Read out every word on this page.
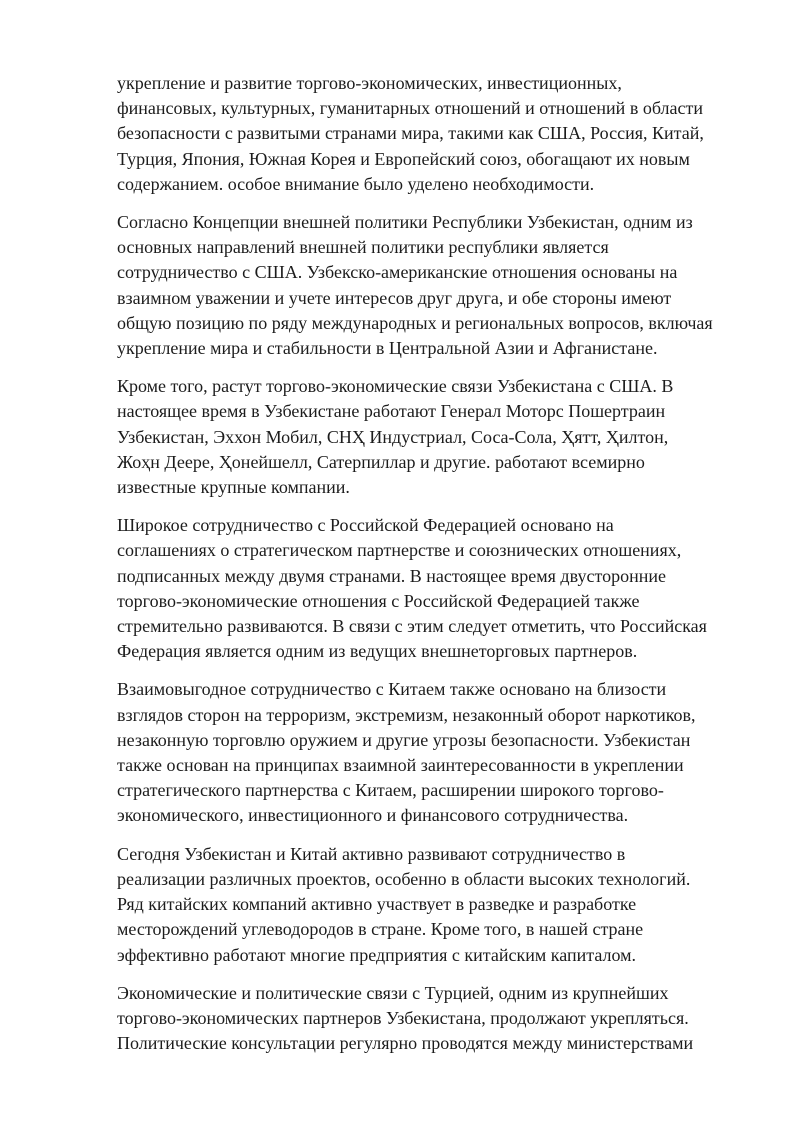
укрепление и развитие торгово-экономических, инвестиционных,
финансовых, культурных, гуманитарных отношений и отношений в области
безопасности с развитыми странами мира, такими как США, Россия, Китай,
Турция, Япония, Южная Корея и Европейский союз, обогащают их новым
содержанием. особое внимание было уделено необходимости.

Согласно Концепции внешней политики Республики Узбекистан, одним из
основных направлений внешней политики республики является
сотрудничество с США. Узбекско-американские отношения основаны на
взаимном уважении и учете интересов друг друга, и обе стороны имеют
общую позицию по ряду международных и региональных вопросов, включая
укрепление мира и стабильности в Центральной Азии и Афганистане.

Кроме того, растут торгово-экономические связи Узбекистана с США. В
настоящее время в Узбекистане работают Генерал Моторс Пошертраин
Узбекистан, Эххон Мобил, СНҲ Индустриал, Сосa-Сола, Ҳятт, Ҳилтон,
Жоҳн Деере, Ҳонейшелл, Сатерпиллар и другие. работают всемирно
известные крупные компании.

Широкое сотрудничество с Российской Федерацией основано на
соглашениях о стратегическом партнерстве и союзнических отношениях,
подписанных между двумя странами. В настоящее время двусторонние
торгово-экономические отношения с Российской Федерацией также
стремительно развиваются. В связи с этим следует отметить, что Российская
Федерация является одним из ведущих внешнеторговых партнеров.

Взаимовыгодное сотрудничество с Китаем также основано на близости
взглядов сторон на терроризм, экстремизм, незаконный оборот наркотиков,
незаконную торговлю оружием и другие угрозы безопасности. Узбекистан
также основан на принципах взаимной заинтересованности в укреплении
стратегического партнерства с Китаем, расширении широкого торгово-
экономического, инвестиционного и финансового сотрудничества.

Сегодня Узбекистан и Китай активно развивают сотрудничество в
реализации различных проектов, особенно в области высоких технологий.
Ряд китайских компаний активно участвует в разведке и разработке
месторождений углеводородов в стране. Кроме того, в нашей стране
эффективно работают многие предприятия с китайским капиталом.

Экономические и политические связи с Турцией, одним из крупнейших
торгово-экономических партнеров Узбекистана, продолжают укрепляться.
Политические консультации регулярно проводятся между министерствами
